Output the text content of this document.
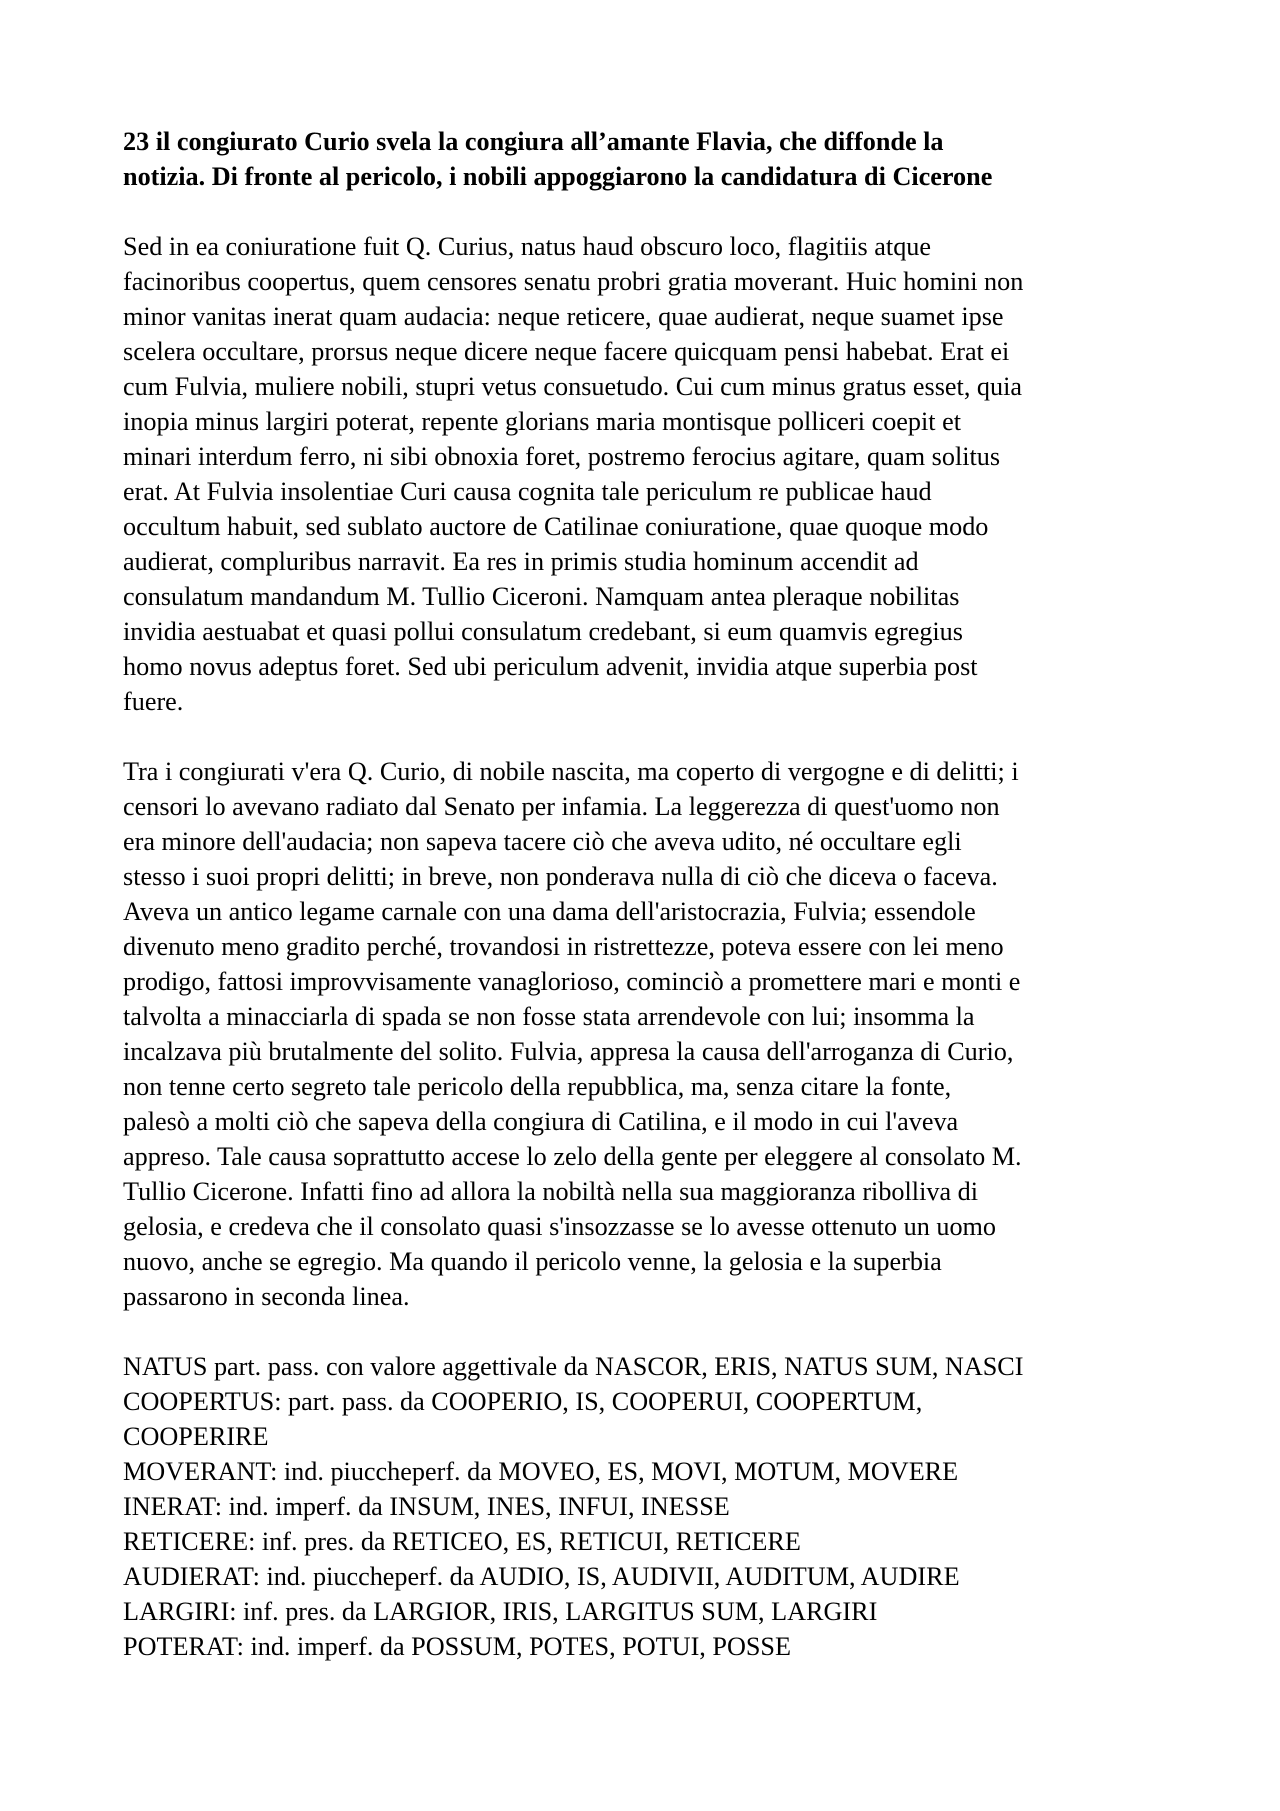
23 il congiurato Curio svela la congiura all’amante Flavia, che diffonde la
notizia. Di fronte al pericolo, i nobili appoggiarono la candidatura di Cicerone
Sed in ea coniuratione fuit Q. Curius, natus haud obscuro loco, flagitiis atque
facinoribus coopertus, quem censores senatu probri gratia moverant. Huic homini non
minor vanitas inerat quam audacia: neque reticere, quae audierat, neque suamet ipse
scelera occultare, prorsus neque dicere neque facere quicquam pensi habebat. Erat ei
cum Fulvia, muliere nobili, stupri vetus consuetudo. Cui cum minus gratus esset, quia
inopia minus largiri poterat, repente glorians maria montisque polliceri coepit et
minari interdum ferro, ni sibi obnoxia foret, postremo ferocius agitare, quam solitus
erat. At Fulvia insolentiae Curi causa cognita tale periculum re publicae haud
occultum habuit, sed sublato auctore de Catilinae coniuratione, quae quoque modo
audierat, compluribus narravit. Ea res in primis studia hominum accendit ad
consulatum mandandum M. Tullio Ciceroni. Namquam antea pleraque nobilitas
invidia aestuabat et quasi pollui consulatum credebant, si eum quamvis egregius
homo novus adeptus foret. Sed ubi periculum advenit, invidia atque superbia post
fuere.
Tra i congiurati v'era Q. Curio, di nobile nascita, ma coperto di vergogne e di delitti; i
censori lo avevano radiato dal Senato per infamia. La leggerezza di quest'uomo non
era minore dell'audacia; non sapeva tacere ciò che aveva udito, né occultare egli
stesso i suoi propri delitti; in breve, non ponderava nulla di ciò che diceva o faceva.
Aveva un antico legame carnale con una dama dell'aristocrazia, Fulvia; essendole
divenuto meno gradito perché, trovandosi in ristrettezze, poteva essere con lei meno
prodigo, fattosi improvvisamente vanaglorioso, cominciò a promettere mari e monti e
talvolta a minacciarla di spada se non fosse stata arrendevole con lui; insomma la
incalzava più brutalmente del solito. Fulvia, appresa la causa dell'arroganza di Curio,
non tenne certo segreto tale pericolo della repubblica, ma, senza citare la fonte,
palesò a molti ciò che sapeva della congiura di Catilina, e il modo in cui l'aveva
appreso. Tale causa soprattutto accese lo zelo della gente per eleggere al consolato M.
Tullio Cicerone. Infatti fino ad allora la nobiltà nella sua maggioranza ribolliva di
gelosia, e credeva che il consolato quasi s'insozzasse se lo avesse ottenuto un uomo
nuovo, anche se egregio. Ma quando il pericolo venne, la gelosia e la superbia
passarono in seconda linea.
NATUS part. pass. con valore aggettivale da NASCOR, ERIS, NATUS SUM, NASCI
COOPERTUS: part. pass. da COOPERIO, IS, COOPERUI, COOPERTUM,
COOPERIRE
MOVERANT: ind. piuccheperf. da MOVEO, ES, MOVI, MOTUM, MOVERE
INERAT: ind. imperf. da INSUM, INES, INFUI, INESSE
RETICERE: inf. pres. da RETICEO, ES, RETICUI, RETICERE
AUDIERAT: ind. piuccheperf. da AUDIO, IS, AUDIVII, AUDITUM, AUDIRE
LARGIRI: inf. pres. da LARGIOR, IRIS, LARGITUS SUM, LARGIRI
POTERAT: ind. imperf. da POSSUM, POTES, POTUI, POSSE
